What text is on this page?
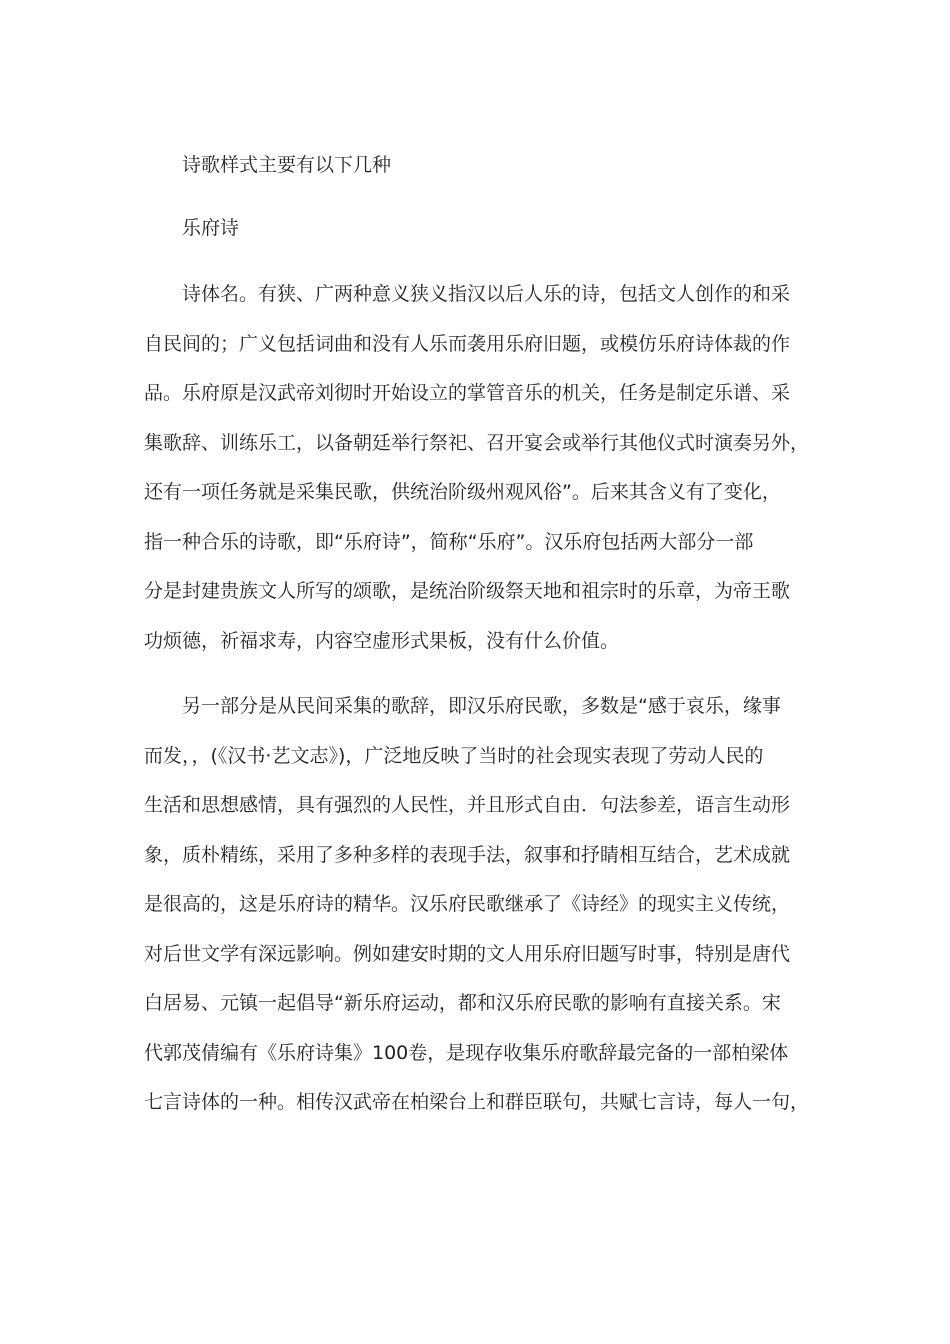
诗歌样式主要有以下几种
乐府诗
诗体名。有狭、广两种意义狭义指汉以后人乐的诗，包括文人创作的和采
自民间的；广义包括词曲和没有人乐而袭用乐府旧题，或模仿乐府诗体裁的作
品。乐府原是汉武帝刘彻时开始设立的掌管音乐的机关，任务是制定乐谱、采
集歌辞、训练乐工，以备朝廷举行祭祀、召开宴会或举行其他仪式时演奏另外，
还有一项任务就是采集民歌，供统治阶级州观风俗”。后来其含义有了变化，
指一种合乐的诗歌，即“乐府诗”，简称“乐府”。汉乐府包括两大部分一部
分是封建贵族文人所写的颂歌，是统治阶级祭天地和祖宗时的乐章，为帝王歌
功烦德，祈福求寿，内容空虚形式果板，没有什么价值。
另一部分是从民间采集的歌辞，即汉乐府民歌，多数是“感于哀乐，缘事
而发，，(《汉书·艺文志》)，广泛地反映了当时的社会现实表现了劳动人民的
生活和思想感情，具有强烈的人民性，并且形式自由．句法参差，语言生动形
象，质朴精练，采用了多种多样的表现手法，叙事和抒睛相互结合，艺术成就
是很高的，这是乐府诗的精华。汉乐府民歌继承了《诗经》的现实主义传统，
对后世文学有深远影响。例如建安时期的文人用乐府旧题写时事，特别是唐代
白居易、元镇一起倡导“新乐府运动，都和汉乐府民歌的影响有直接关系。宋
代郭茂倩编有《乐府诗集》100卷，是现存收集乐府歌辞最完备的一部柏梁体
七言诗体的一种。相传汉武帝在柏梁台上和群臣联句，共赋七言诗，每人一句，
